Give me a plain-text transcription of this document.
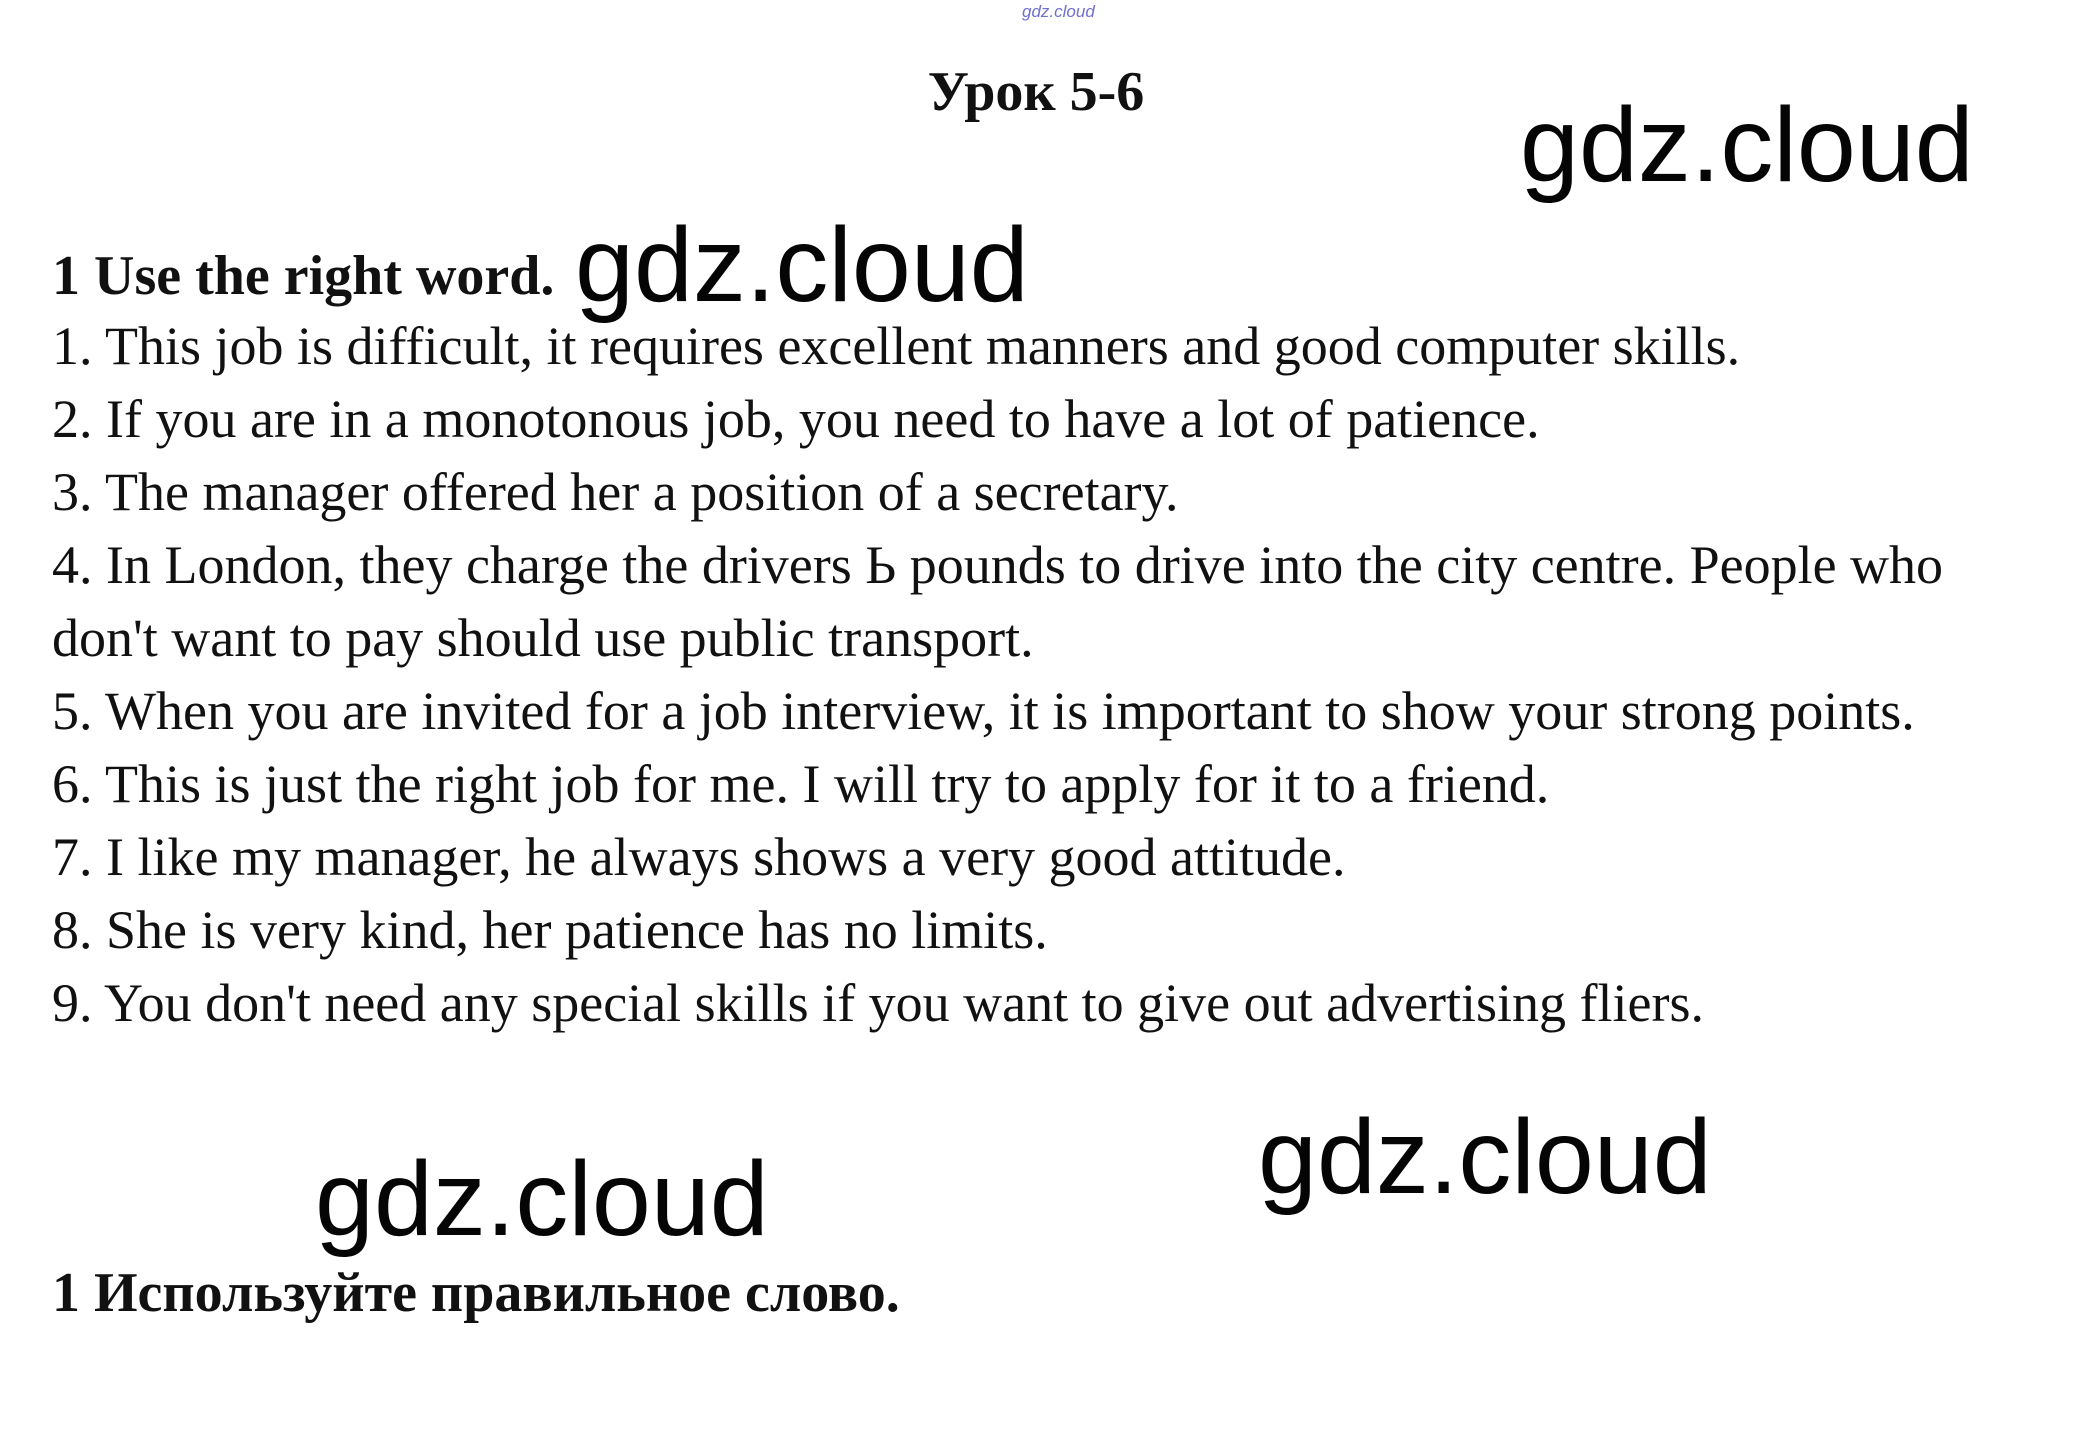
gdz.cloud
Урок 5-6
1 Use the right word.
1. This job is difficult, it requires excellent manners and good computer skills.
2. If you are in a monotonous job, you need to have a lot of patience.
3. The manager offered her a position of a secretary.
4. In London, they charge the drivers Ь pounds to drive into the city centre. People who don't want to pay should use public transport.
5. When you are invited for a job interview, it is important to show your strong points.
6. This is just the right job for me. I will try to apply for it to a friend.
7. I like my manager, he always shows a very good attitude.
8. She is very kind, her patience has no limits.
9. You don't need any special skills if you want to give out advertising fliers.
1 Используйте правильное слово.
gdz.cloud
gdz.cloud
gdz.cloud
gdz.cloud
